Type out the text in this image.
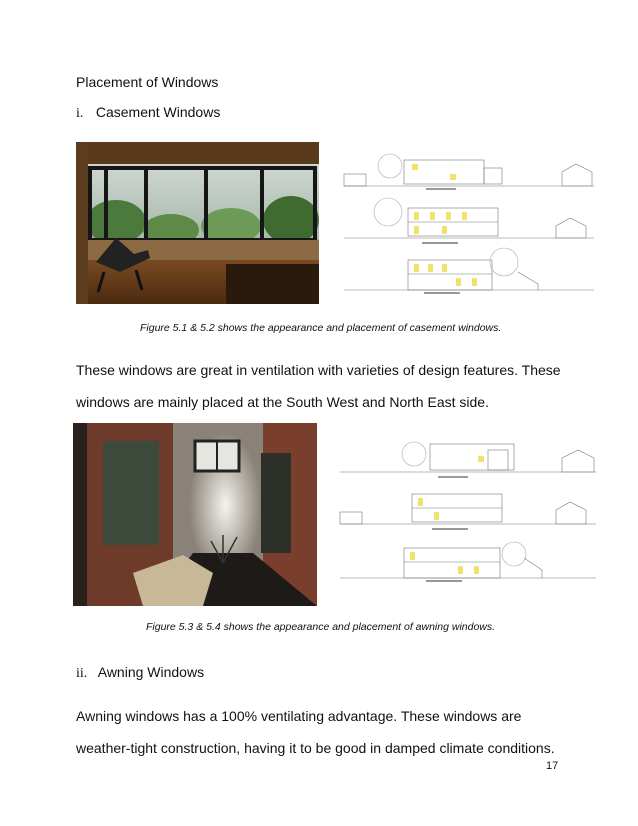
Placement of Windows
i. Casement Windows
Figure 5.1 & 5.2 shows the appearance and placement of casement windows.
These windows are great in ventilation with varieties of design features. These windows are mainly placed at the South West and North East side.
Figure 5.3 & 5.4 shows the appearance and placement of awning windows.
ii. Awning Windows
Awning windows has a 100% ventilating advantage. These windows are weather-tight construction, having it to be good in damped climate conditions.
17
